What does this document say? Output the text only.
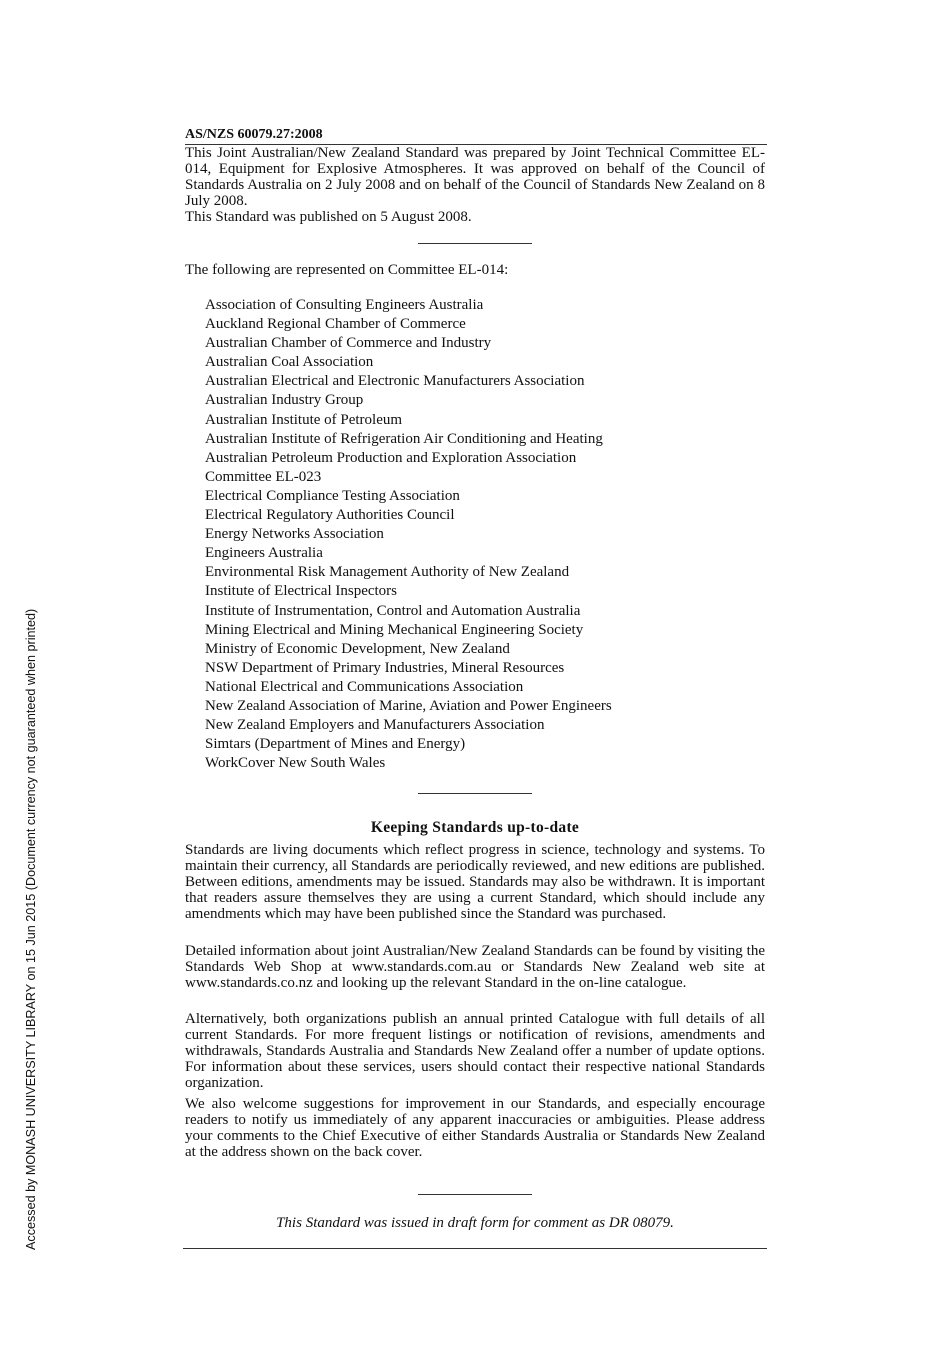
Accessed by MONASH UNIVERSITY LIBRARY on 15 Jun 2015 (Document currency not guaranteed when printed)
AS/NZS 60079.27:2008

This Joint Australian/New Zealand Standard was prepared by Joint Technical Committee EL-014, Equipment for Explosive Atmospheres. It was approved on behalf of the Council of Standards Australia on 2 July 2008 and on behalf of the Council of Standards New Zealand on 8 July 2008.

This Standard was published on 5 August 2008.

The following are represented on Committee EL-014:

Association of Consulting Engineers Australia
Auckland Regional Chamber of Commerce
Australian Chamber of Commerce and Industry
Australian Coal Association
Australian Electrical and Electronic Manufacturers Association
Australian Industry Group
Australian Institute of Petroleum
Australian Institute of Refrigeration Air Conditioning and Heating
Australian Petroleum Production and Exploration Association
Committee EL-023
Electrical Compliance Testing Association
Electrical Regulatory Authorities Council
Energy Networks Association
Engineers Australia
Environmental Risk Management Authority of New Zealand
Institute of Electrical Inspectors
Institute of Instrumentation, Control and Automation Australia
Mining Electrical and Mining Mechanical Engineering Society
Ministry of Economic Development, New Zealand
NSW Department of Primary Industries, Mineral Resources
National Electrical and Communications Association
New Zealand Association of Marine, Aviation and Power Engineers
New Zealand Employers and Manufacturers Association
Simtars (Department of Mines and Energy)
WorkCover New South Wales
Keeping Standards up-to-date

Standards are living documents which reflect progress in science, technology and systems. To maintain their currency, all Standards are periodically reviewed, and new editions are published. Between editions, amendments may be issued. Standards may also be withdrawn. It is important that readers assure themselves they are using a current Standard, which should include any amendments which may have been published since the Standard was purchased.

Detailed information about joint Australian/New Zealand Standards can be found by visiting the Standards Web Shop at www.standards.com.au or Standards New Zealand web site at www.standards.co.nz and looking up the relevant Standard in the on-line catalogue.

Alternatively, both organizations publish an annual printed Catalogue with full details of all current Standards. For more frequent listings or notification of revisions, amendments and withdrawals, Standards Australia and Standards New Zealand offer a number of update options. For information about these services, users should contact their respective national Standards organization.

We also welcome suggestions for improvement in our Standards, and especially encourage readers to notify us immediately of any apparent inaccuracies or ambiguities. Please address your comments to the Chief Executive of either Standards Australia or Standards New Zealand at the address shown on the back cover.

This Standard was issued in draft form for comment as DR 08079.
